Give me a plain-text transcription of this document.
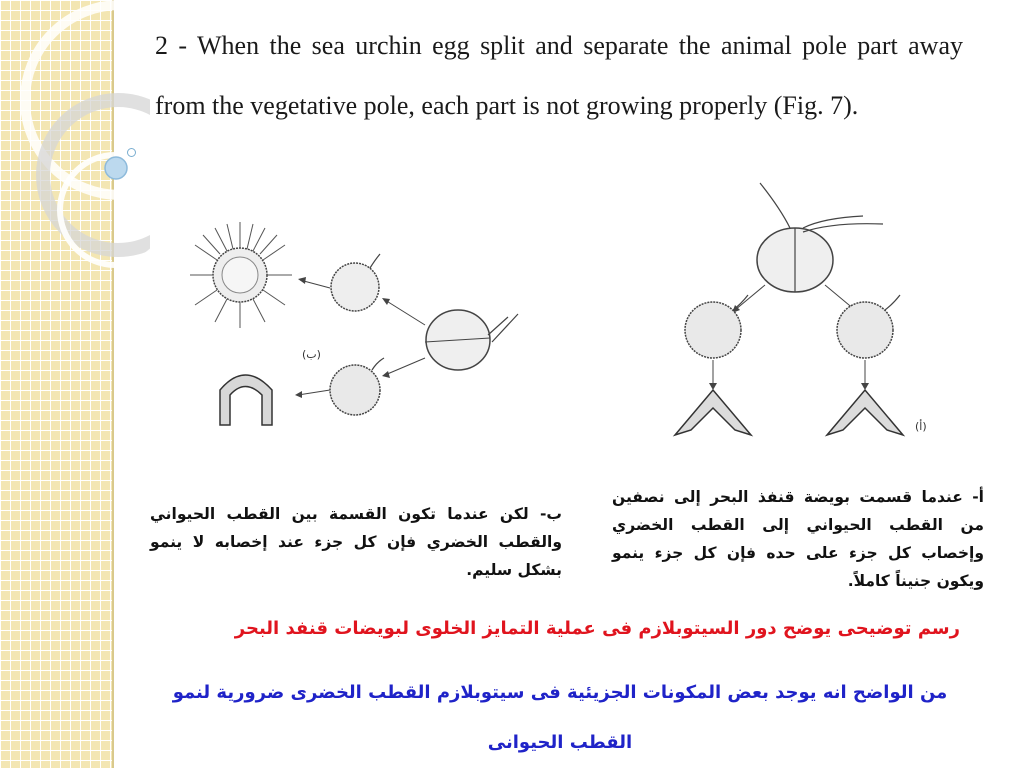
2 - When the sea urchin egg split and separate the animal pole part away from the vegetative pole, each part is not growing properly (Fig. 7).

(ب)
(أ)
ب- لكن عندما تكون القسمة بين القطب الحيواني والقطب الخضري فإن كل جزء عند إخصابه لا ينمو بشكل سليم.
أ- عندما قسمت بويضة قنفذ البحر إلى نصفين من القطب الحيواني إلى القطب الخضري وإخصاب كل جزء على حده فإن كل جزء ينمو ويكون جنيناً كاملاً.
رسم توضيحى يوضح دور السيتوبلازم فى عملية التمايز الخلوى لبويضات قنفد البحر
من الواضح انه يوجد بعض المكونات الجزيئية فى سيتوبلازم القطب الخضرى ضرورية لنمو القطب الحيوانى
